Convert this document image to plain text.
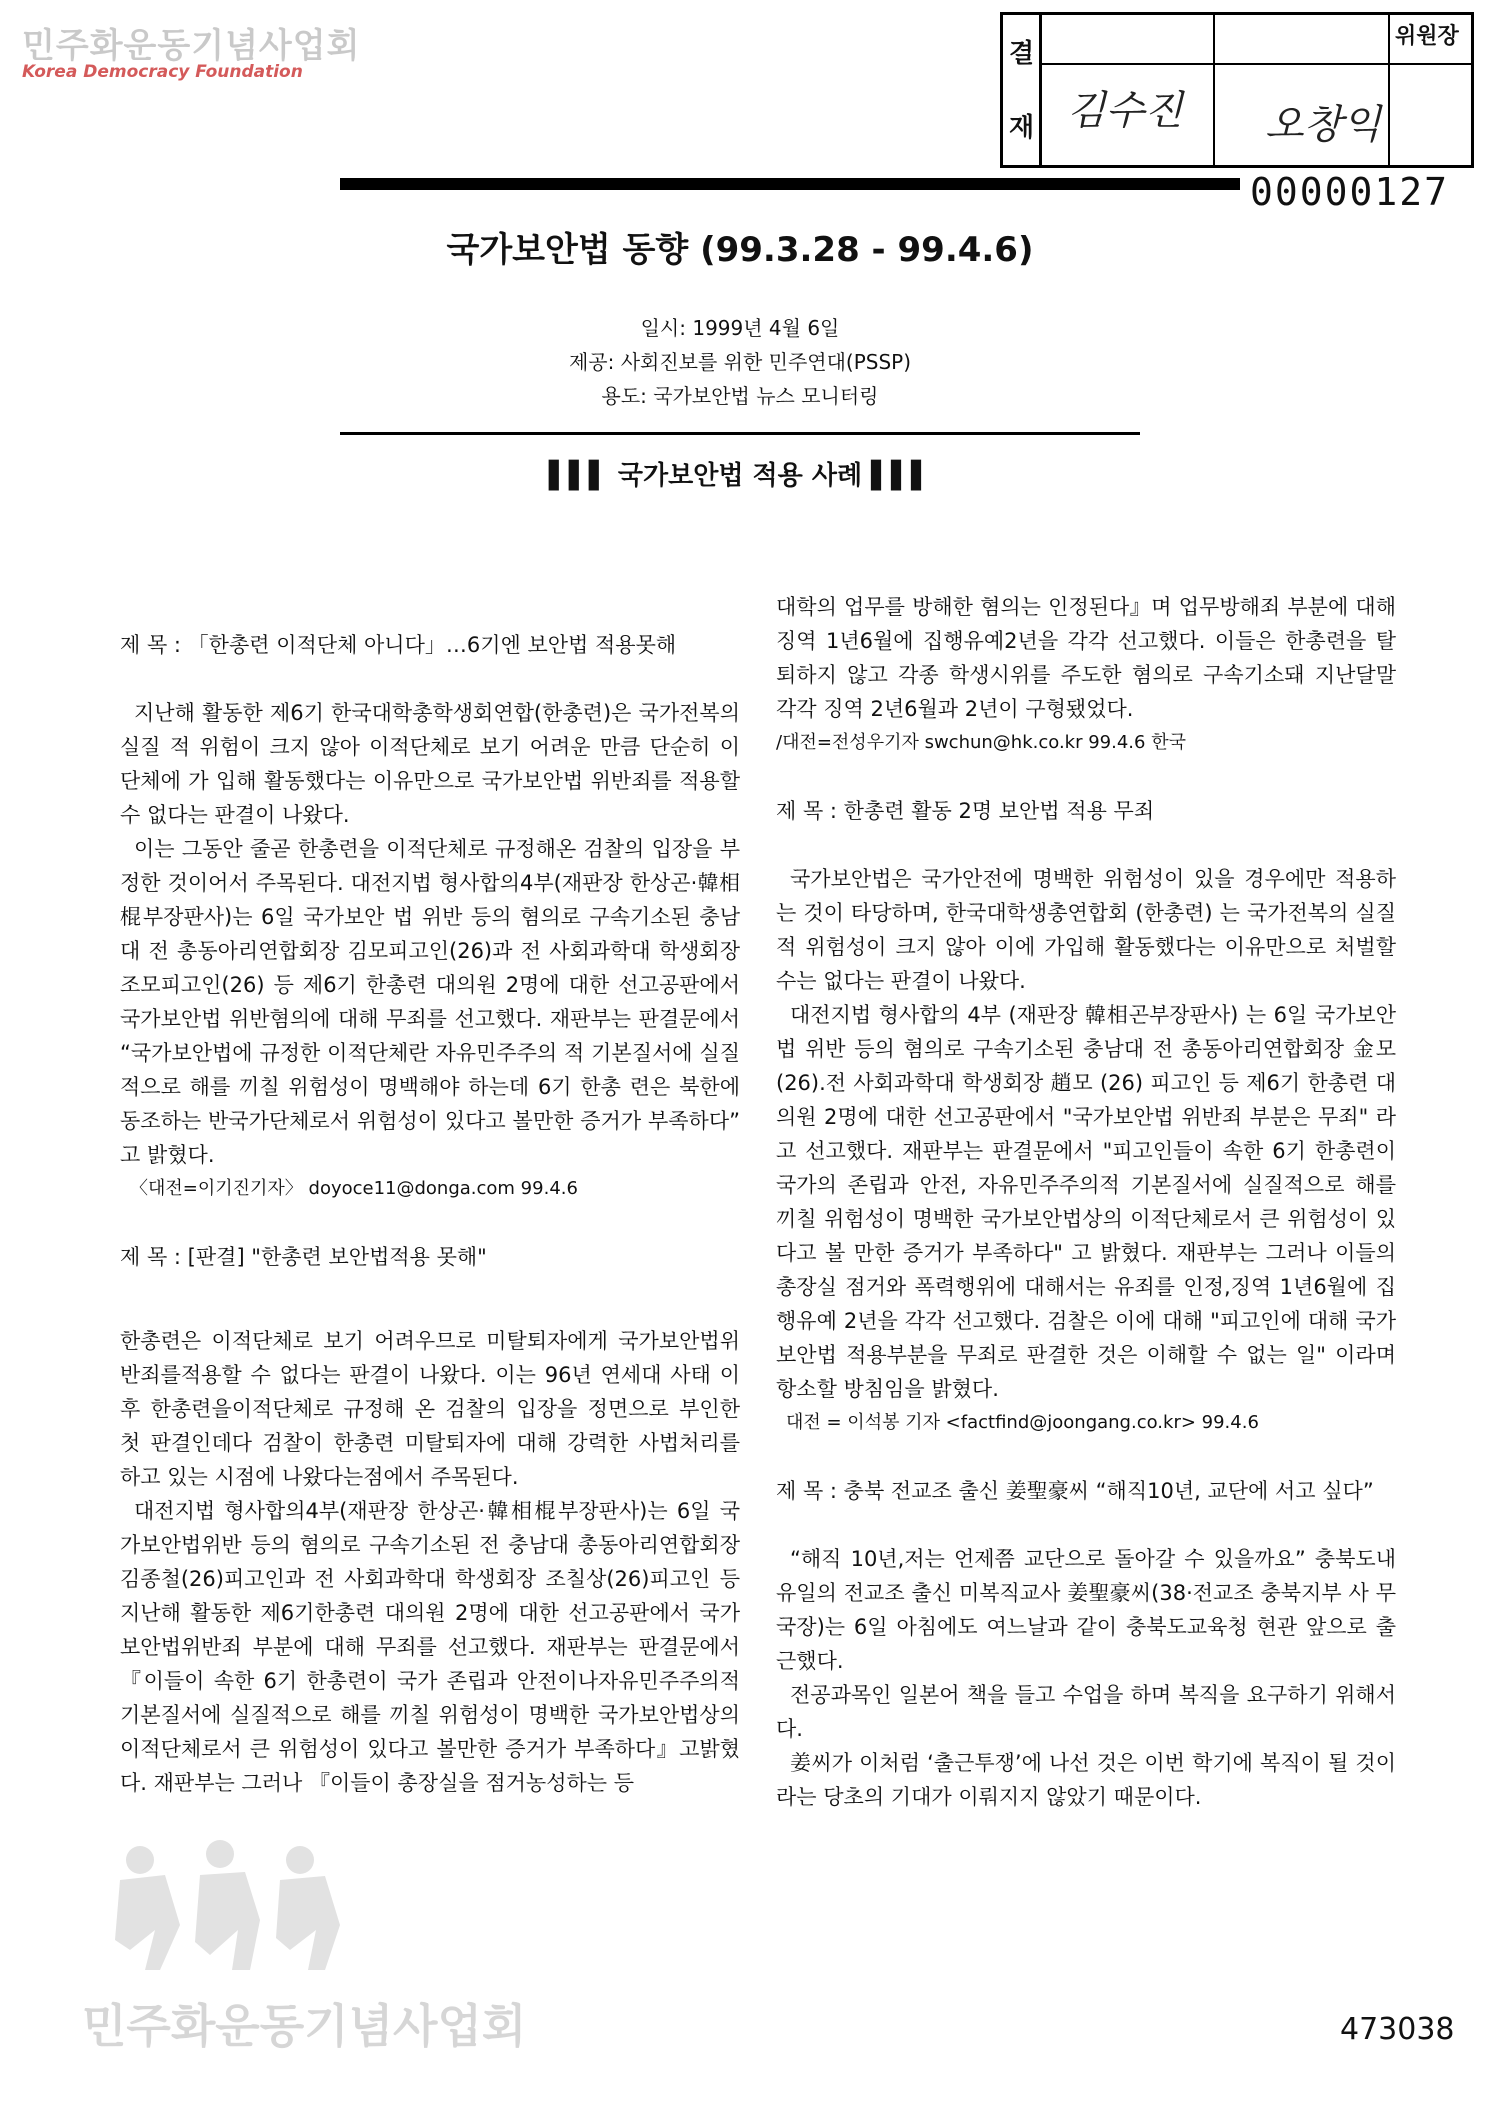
민주화운동기념사업회
Korea Democracy Foundation
결
재
위원장
김수진 오창익
00000127
국가보안법 동향 (99.3.28 - 99.4.6)
일시: 1999년 4월 6일
제공: 사회진보를 위한 민주연대(PSSP)
용도: 국가보안법 뉴스 모니터링
▌▌▌ 국가보안법 적용 사례 ▌▌▌

제 목 : 「한총련 이적단체 아니다」…6기엔 보안법 적용못해

지난해 활동한 제6기 한국대학총학생회연합(한총련)은 국가전복의 실질 적 위험이 크지 않아 이적단체로 보기 어려운 만큼 단순히 이 단체에 가 입해 활동했다는 이유만으로 국가보안법 위반죄를 적용할 수 없다는 판결이 나왔다.

이는 그동안 줄곧 한총련을 이적단체로 규정해온 검찰의 입장을 부정한 것이어서 주목된다. 대전지법 형사합의4부(재판장 한상곤·韓相棍부장판사)는 6일 국가보안 법 위반 등의 혐의로 구속기소된 충남대 전 총동아리연합회장 김모피고인(26)과 전 사회과학대 학생회장 조모피고인(26) 등 제6기 한총련 대의원 2명에 대한 선고공판에서 국가보안법 위반혐의에 대해 무죄를 선고했다. 재판부는 판결문에서 “국가보안법에 규정한 이적단체란 자유민주주의 적 기본질서에 실질적으로 해를 끼칠 위험성이 명백해야 하는데 6기 한총 련은 북한에 동조하는 반국가단체로서 위험성이 있다고 볼만한 증거가 부족하다” 고 밝혔다.

〈대전=이기진기자〉 doyoce11@donga.com 99.4.6

제 목 : [판결] "한총련 보안법적용 못해"

한총련은 이적단체로 보기 어려우므로 미탈퇴자에게 국가보안법위반죄를적용할 수 없다는 판결이 나왔다. 이는 96년 연세대 사태 이후 한총련을이적단체로 규정해 온 검찰의 입장을 정면으로 부인한 첫 판결인데다 검찰이 한총련 미탈퇴자에 대해 강력한 사법처리를 하고 있는 시점에 나왔다는점에서 주목된다.

대전지법 형사합의4부(재판장 한상곤·韓相棍부장판사)는 6일 국가보안법위반 등의 혐의로 구속기소된 전 충남대 총동아리연합회장 김종철(26)피고인과 전 사회과학대 학생회장 조칠상(26)피고인 등 지난해 활동한 제6기한총련 대의원 2명에 대한 선고공판에서 국가보안법위반죄 부분에 대해 무죄를 선고했다. 재판부는 판결문에서 『이들이 속한 6기 한총련이 국가 존립과 안전이나자유민주주의적 기본질서에 실질적으로 해를 끼칠 위험성이 명백한 국가보안법상의 이적단체로서 큰 위험성이 있다고 볼만한 증거가 부족하다』고밝혔다. 재판부는 그러나 『이들이 총장실을 점거농성하는 등

대학의 업무를 방해한 혐의는 인정된다』며 업무방해죄 부분에 대해 징역 1년6월에 집행유예2년을 각각 선고했다. 이들은 한총련을 탈퇴하지 않고 각종 학생시위를 주도한 혐의로 구속기소돼 지난달말 각각 징역 2년6월과 2년이 구형됐었다.

/대전=전성우기자 swchun@hk.co.kr 99.4.6 한국

제 목 : 한총련 활동 2명 보안법 적용 무죄

국가보안법은 국가안전에 명백한 위험성이 있을 경우에만 적용하는 것이 타당하며, 한국대학생총연합회 (한총련) 는 국가전복의 실질적 위험성이 크지 않아 이에 가입해 활동했다는 이유만으로 처벌할 수는 없다는 판결이 나왔다.

대전지법 형사합의 4부 (재판장 韓相곤부장판사) 는 6일 국가보안법 위반 등의 혐의로 구속기소된 충남대 전 총동아리연합회장 金모 (26).전 사회과학대 학생회장 趙모 (26) 피고인 등 제6기 한총련 대의원 2명에 대한 선고공판에서 "국가보안법 위반죄 부분은 무죄" 라고 선고했다. 재판부는 판결문에서 "피고인들이 속한 6기 한총련이 국가의 존립과 안전, 자유민주주의적 기본질서에 실질적으로 해를 끼칠 위험성이 명백한 국가보안법상의 이적단체로서 큰 위험성이 있다고 볼 만한 증거가 부족하다" 고 밝혔다. 재판부는 그러나 이들의 총장실 점거와 폭력행위에 대해서는 유죄를 인정,징역 1년6월에 집행유예 2년을 각각 선고했다. 검찰은 이에 대해 "피고인에 대해 국가보안법 적용부분을 무죄로 판결한 것은 이해할 수 없는 일" 이라며 항소할 방침임을 밝혔다.

대전 = 이석봉 기자 <factfind@joongang.co.kr> 99.4.6

제 목 : 충북 전교조 출신 姜聖豪씨 “해직10년, 교단에 서고 싶다”

“해직 10년,저는 언제쯤 교단으로 돌아갈 수 있을까요” 충북도내 유일의 전교조 출신 미복직교사 姜聖豪씨(38·전교조 충북지부 사 무국장)는 6일 아침에도 여느날과 같이 충북도교육청 현관 앞으로 출근했다.

전공과목인 일본어 책을 들고 수업을 하며 복직을 요구하기 위해서다.

姜씨가 이처럼 ‘출근투쟁’에 나선 것은 이번 학기에 복직이 될 것이라는 당초의 기대가 이뤄지지 않았기 때문이다.

민주화운동기념사업회	473038
